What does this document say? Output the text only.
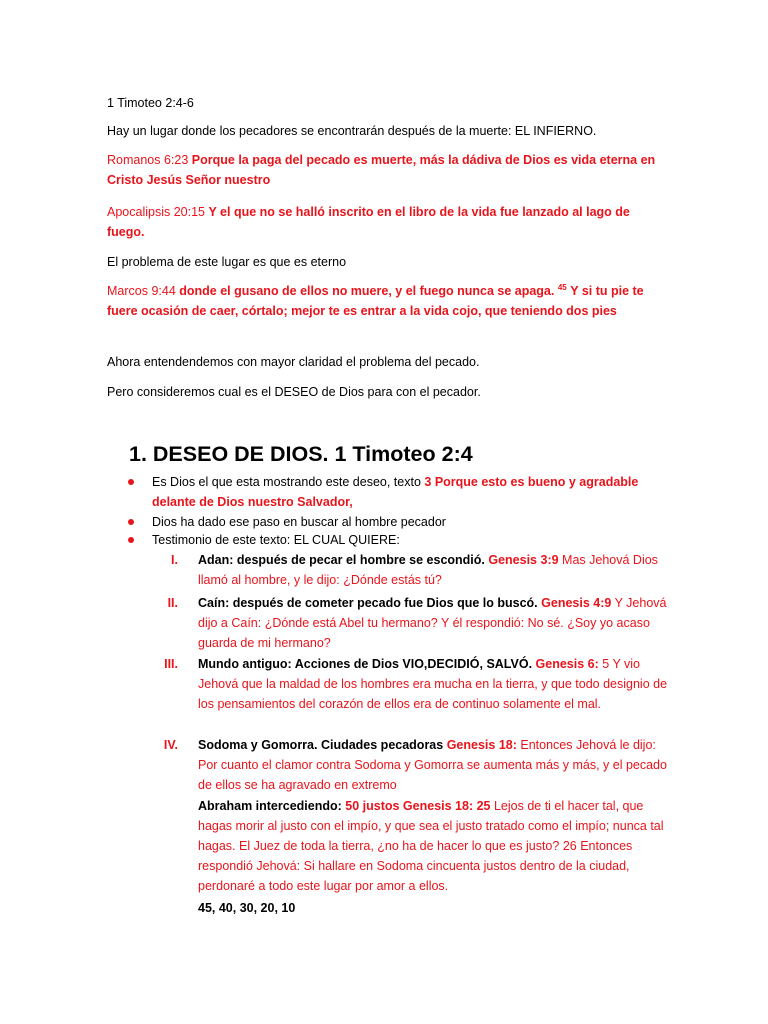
1 Timoteo 2:4-6
Hay un lugar donde los pecadores se encontrarán después de la muerte: EL INFIERNO.
Romanos 6:23 Porque la paga del pecado es muerte, más la dádiva de Dios es vida eterna en Cristo Jesús Señor nuestro
Apocalipsis 20:15 Y el que no se halló inscrito en el libro de la vida fue lanzado al lago de fuego.
El problema de este lugar es que es eterno
Marcos 9:44 donde el gusano de ellos no muere, y el fuego nunca se apaga. $^{45}$ Y si tu pie te fuere ocasión de caer, córtalo; mejor te es entrar a la vida cojo, que teniendo dos pies
Ahora entendendemos con mayor claridad el problema del pecado.
Pero consideremos cual es el DESEO de Dios para con el pecador.
1. DESEO DE DIOS. 1 Timoteo 2:4
Es Dios el que esta mostrando este deseo, texto 3 Porque esto es bueno y agradable delante de Dios nuestro Salvador,
Dios ha dado ese paso en buscar al hombre pecador
Testimonio de este texto: EL CUAL QUIERE:
I. Adan: después de pecar el hombre se escondió. Genesis 3:9 Mas Jehová Dios llamó al hombre, y le dijo: ¿Dónde estás tú?
II. Caín: después de cometer pecado fue Dios que lo buscó. Genesis 4:9 Y Jehová dijo a Caín: ¿Dónde está Abel tu hermano? Y él respondió: No sé. ¿Soy yo acaso guarda de mi hermano?
III. Mundo antiguo: Acciones de Dios VIO,DECIDIÓ, SALVÓ. Genesis 6: 5 Y vio Jehová que la maldad de los hombres era mucha en la tierra, y que todo designio de los pensamientos del corazón de ellos era de continuo solamente el mal.
IV. Sodoma y Gomorra. Ciudades pecadoras Genesis 18: Entonces Jehová le dijo: Por cuanto el clamor contra Sodoma y Gomorra se aumenta más y más, y el pecado de ellos se ha agravado en extremo
Abraham intercediendo: 50 justos Genesis 18: 25 Lejos de ti el hacer tal, que hagas morir al justo con el impío, y que sea el justo tratado como el impío; nunca tal hagas. El Juez de toda la tierra, ¿no ha de hacer lo que es justo? 26 Entonces respondió Jehová: Si hallare en Sodoma cincuenta justos dentro de la ciudad, perdonaré a todo este lugar por amor a ellos.
45, 40, 30, 20, 10
